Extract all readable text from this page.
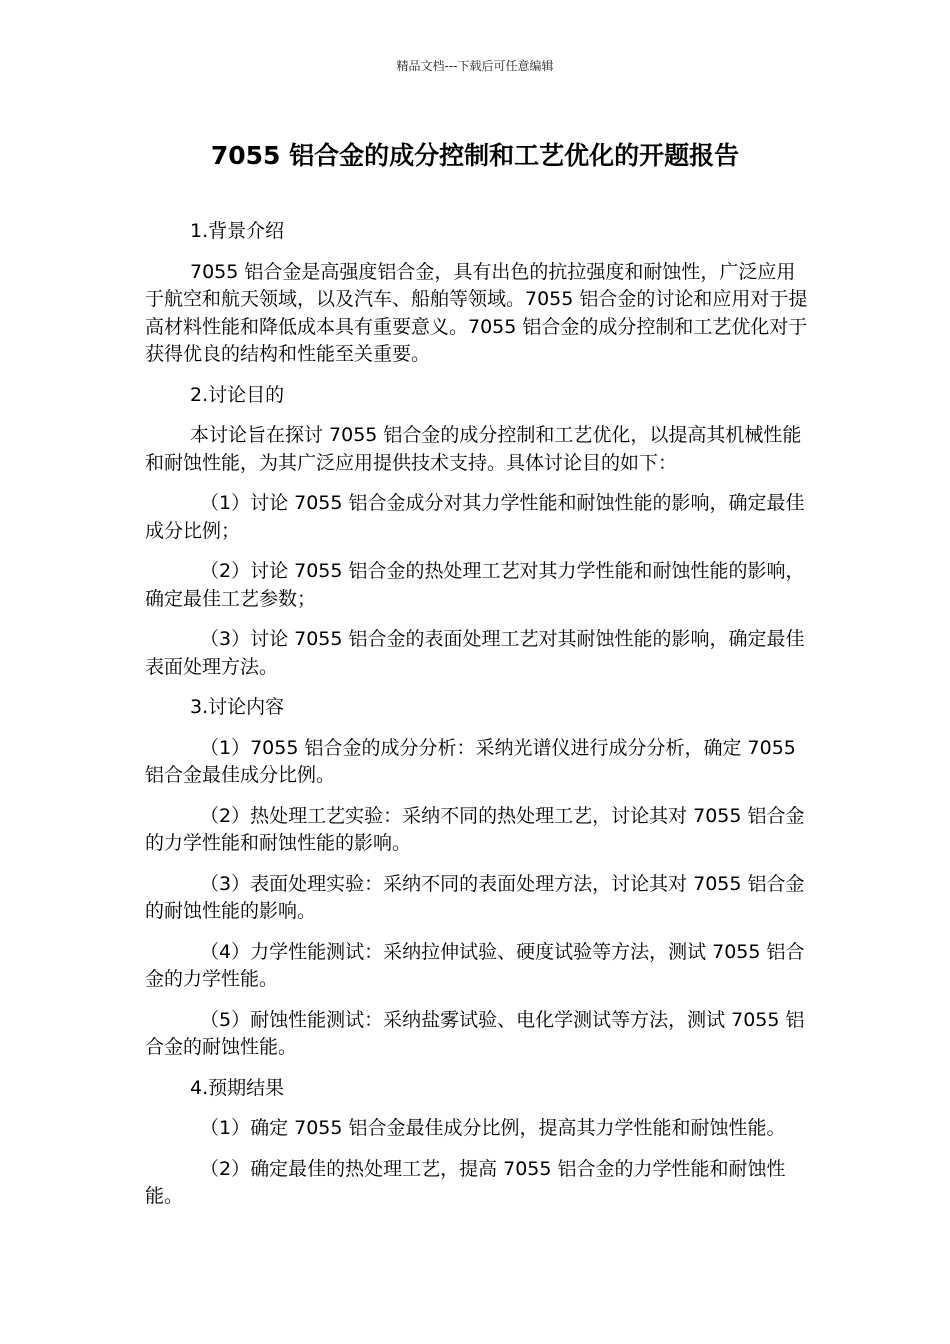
精品文档---下载后可任意编辑
7055 铝合金的成分控制和工艺优化的开题报告

1.背景介绍

7055 铝合金是高强度铝合金，具有出色的抗拉强度和耐蚀性，广泛应用于航空和航天领域，以及汽车、船舶等领域。7055 铝合金的讨论和应用对于提高材料性能和降低成本具有重要意义。7055 铝合金的成分控制和工艺优化对于获得优良的结构和性能至关重要。

2.讨论目的

本讨论旨在探讨 7055 铝合金的成分控制和工艺优化，以提高其机械性能和耐蚀性能，为其广泛应用提供技术支持。具体讨论目的如下：

（1）讨论 7055 铝合金成分对其力学性能和耐蚀性能的影响，确定最佳成分比例；

（2）讨论 7055 铝合金的热处理工艺对其力学性能和耐蚀性能的影响，确定最佳工艺参数；

（3）讨论 7055 铝合金的表面处理工艺对其耐蚀性能的影响，确定最佳表面处理方法。

3.讨论内容

（1）7055 铝合金的成分分析：采纳光谱仪进行成分分析，确定 7055 铝合金最佳成分比例。

（2）热处理工艺实验：采纳不同的热处理工艺，讨论其对 7055 铝合金的力学性能和耐蚀性能的影响。

（3）表面处理实验：采纳不同的表面处理方法，讨论其对 7055 铝合金的耐蚀性能的影响。

（4）力学性能测试：采纳拉伸试验、硬度试验等方法，测试 7055 铝合金的力学性能。

（5）耐蚀性能测试：采纳盐雾试验、电化学测试等方法，测试 7055 铝合金的耐蚀性能。

4.预期结果

（1）确定 7055 铝合金最佳成分比例，提高其力学性能和耐蚀性能。

（2）确定最佳的热处理工艺，提高 7055 铝合金的力学性能和耐蚀性能。
